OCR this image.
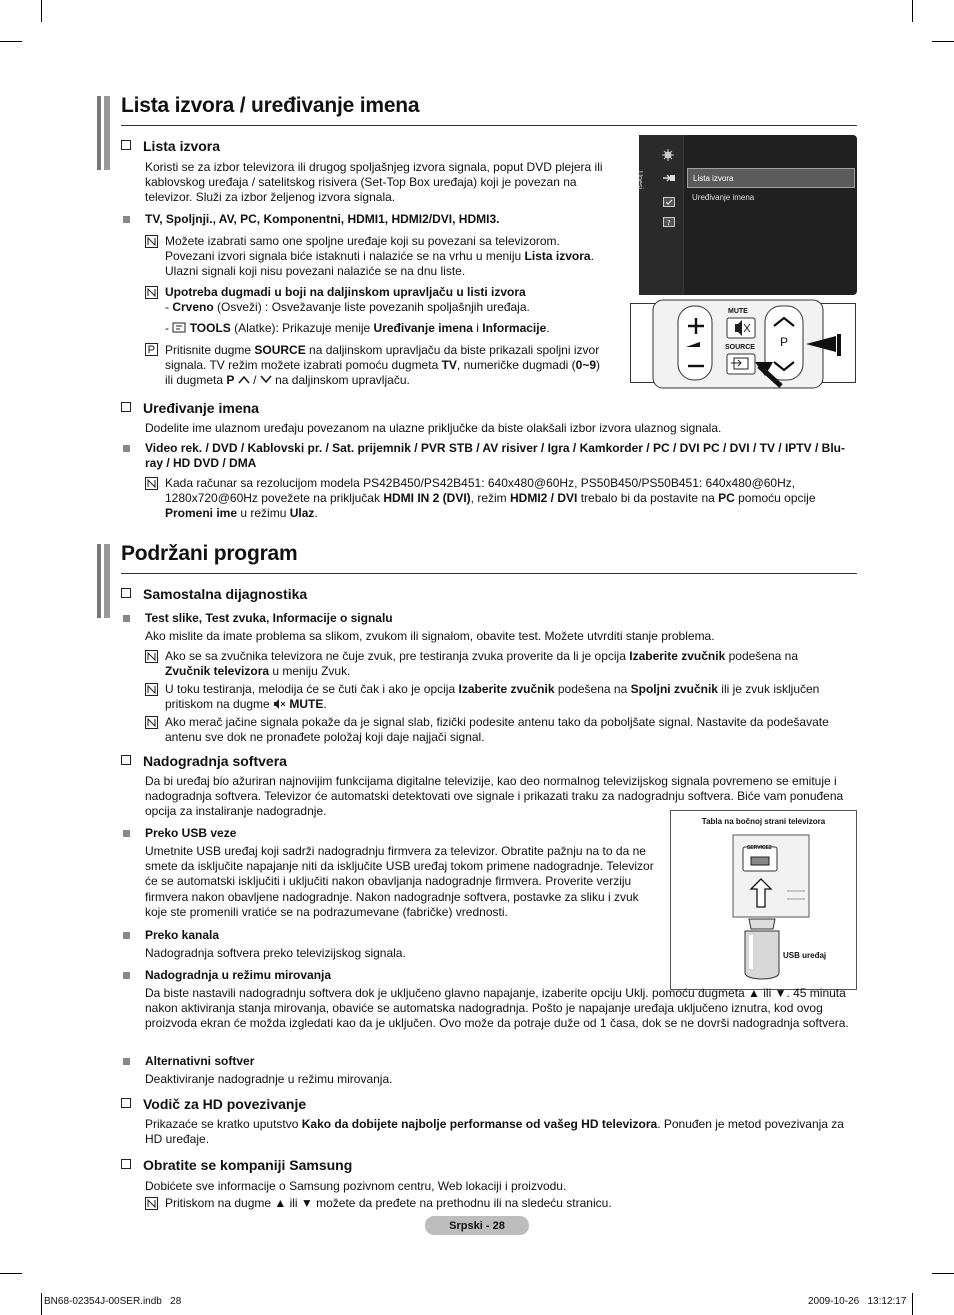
Lista izvora / uređivanje imena
Lista izvora

Koristi se za izbor televizora ili drugog spoljašnjeg izvora signala, poput DVD plejera ili kablovskog uređaja / satelitskog risivera (Set-Top Box uređaja) koji je povezan na televizor. Služi za izbor željenog izvora signala.

TV, Spoljnji., AV, PC, Komponentni, HDMI1, HDMI2/DVI, HDMI3.

Možete izabrati samo one spoljne uređaje koji su povezani sa televizorom.
Povezani izvori signala biće istaknuti i nalaziće se na vrhu u meniju Lista izvora.
Ulazni signali koji nisu povezani nalaziće se na dnu liste.

Upotreba dugmadi u boji na daljinskom upravljaču u listi izvora
- Crveno (Osveži) : Osvežavanje liste povezanih spoljašnjih uređaja.

-  TOOLS (Alatke): Prikazuje menije Uređivanje imena i Informacije.

Pritisnite dugme SOURCE na daljinskom upravljaču da biste prikazali spoljni izvor signala. TV režim možete izabrati pomoću dugmeta TV, numeričke dugmadi (0~9) ili dugmeta P  /  na daljinskom upravljaču.

Unesi
?
Lista izvora
Uređivanje imena
MUTE
SOURCE P
Uređivanje imena

Dodelite ime ulaznom uređaju povezanom na ulazne priključke da biste olakšali izbor izvora ulaznog signala.

Video rek. / DVD / Kablovski pr. / Sat. prijemnik / PVR STB / AV risiver / Igra / Kamkorder / PC / DVI PC / DVI / TV / IPTV / Blu-ray / HD DVD / DMA

Kada računar sa rezolucijom modela PS42B450/PS42B451: 640x480@60Hz, PS50B450/PS50B451: 640x480@60Hz, 1280x720@60Hz povežete na priključak HDMI IN 2 (DVI), režim HDMI2 / DVI trebalo bi da postavite na PC pomoću opcije Promeni ime u režimu Ulaz.

Podržani program
Samostalna dijagnostika

Test slike, Test zvuka, Informacije o signalu

Ako mislite da imate problema sa slikom, zvukom ili signalom, obavite test. Možete utvrditi stanje problema.

Ako se sa zvučnika televizora ne čuje zvuk, pre testiranja zvuka proverite da li je opcija Izaberite zvučnik podešena na Zvučnik televizora u meniju Zvuk.

U toku testiranja, melodija će se čuti čak i ako je opcija Izaberite zvučnik podešena na Spoljni zvučnik ili je zvuk isključen pritiskom na dugme  MUTE.

Ako merač jačine signala pokaže da je signal slab, fizički podesite antenu tako da poboljšate signal. Nastavite da podešavate antenu sve dok ne pronađete položaj koji daje najjači signal.

Nadogradnja softvera

Da bi uređaj bio ažuriran najnovijim funkcijama digitalne televizije, kao deo normalnog televizijskog signala povremeno se emituje i nadogradnja softvera. Televizor će automatski detektovati ove signale i prikazati traku za nadogradnju softvera. Biće vam ponuđena opcija za instaliranje nadogradnje.

Preko USB veze

Umetnite USB uređaj koji sadrži nadogradnju firmvera za televizor. Obratite pažnju na to da ne smete da isključite napajanje niti da isključite USB uređaj tokom primene nadogradnje. Televizor će se automatski isključiti i uključiti nakon obavljanja nadogradnje firmvera. Proverite verziju firmvera nakon obavljene nadogradnje. Nakon nadogradnje softvera, postavke za sliku i zvuk koje ste promenili vratiće se na podrazumevane (fabričke) vrednosti.

Preko kanala

Nadogradnja softvera preko televizijskog signala.

Tabla na bočnoj strani televizora
SERVICE2
USB uređaj

Nadogradnja u režimu mirovanja

Da biste nastavili nadogradnju softvera dok je uključeno glavno napajanje, izaberite opciju Uklj. pomoću dugmeta ▲ ili ▼. 45 minuta nakon aktiviranja stanja mirovanja, obaviće se automatska nadogradnja. Pošto je napajanje uređaja uključeno iznutra, kod ovog proizvoda ekran će možda izgledati kao da je uključen. Ovo može da potraje duže od 1 časa, dok se ne dovrši nadogradnja softvera.

Alternativni softver

Deaktiviranje nadogradnje u režimu mirovanja.

Vodič za HD povezivanje

Prikazaće se kratko uputstvo Kako da dobijete najbolje performanse od vašeg HD televizora. Ponuđen je metod povezivanja za HD uređaje.

Obratite se kompaniji Samsung

Dobićete sve informacije o Samsung pozivnom centru, Web lokaciji i proizvodu.

Pritiskom na dugme ▲ ili ▼ možete da pređete na prethodnu ili na sledeću stranicu.

Srpski - 28
BN68-02354J-00SER.indb   28	2009-10-26   13:12:17
